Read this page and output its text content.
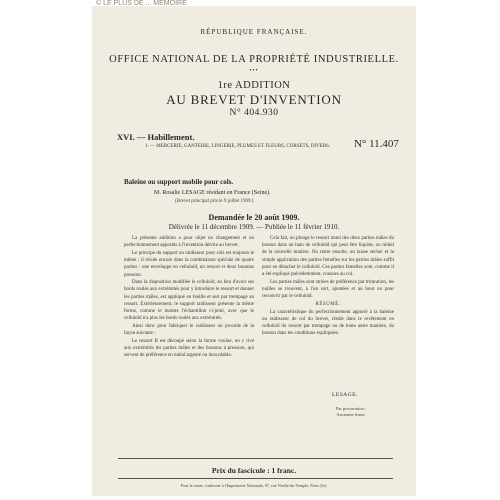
© LE PLUS DE ... MÉMOIRE
RÉPUBLIQUE FRANÇAISE.
OFFICE NATIONAL DE LA PROPRIÉTÉ INDUSTRIELLE.
•••
1re ADDITION
AU BREVET D'INVENTION
N° 404.930
XVI. — Habillement.
1. — MERCERIE, GANTERIE, LINGERIE, PLUMES ET FLEURS, CORSETS, DIVERS.	N° 11.407
Baleine ou support mobile pour cols.
M. Rosalie LESAGE résidant en France (Seine).
(Brevet principal pris le 9 juillet 1909.)
Demandée le 20 août 1909.
Délivrée le 11 décembre 1909. — Publiée le 11 février 1910.

La présente addition a pour objet un changement et un perfectionnement apportés à l'invention décrite au brevet.

Le principe du support ou raidisseur pour cols est toujours le même ; il réside encore dans la combinaison spéciale de quatre parties : une enveloppe en celluloïd, un ressort et deux boutons pression.

Dans la disposition modifiée le celluloïd, au lieu d'avoir ses bords roulés aux extrémités pour y introduire le ressort et donner les parties mâles, est appliqué en feuille et sert par trempage au ressort. Extérieurement, le support raidisseur présente la même forme, comme le montre l'échantillon ci-joint, avec que le celluloïd n'a plus les bords roulés aux extrémités.

Ainsi donc pour fabriquer le raidisseur on procède de la façon suivante :

Le ressort B est découpé selon la forme voulue, on y rive aux extrémités les parties mâles et des boutons à pression, qui servent de préférence en métal argenté ou inoxydable.

Cela fait, on plonge le ressort muni des deux parties mâles du bouton dans un bain de celluloïd qui peut être liquide, ou réduit de la nouvelle matière. On retire ensuite, on laisse sécher et la simple application des parties femelles sur les parties mâles suffit pour en détacher le celluloïd. Ces parties femelles sont, comme il a été expliqué précédemment, cousues au col.

Les parties mâles sont striées de préférence par trituration, les nuilles se trouvent, à l'un sort, ajoutées et au bout ou pour recouvrir par le celluloïd.

RÉSUMÉ.

La caractéristique du perfectionnement apporté à la baleine ou raidisseur de col du brevet, réside dans le revêtement en celluloïd du ressort par trempage ou de toute autre manière, du bouton dans les conditions expliquées.

LESAGE.
Par procuration : Ancienne firme.
Prix du fascicule : 1 franc.
Pour la vente, s'adresser à l'Imprimerie Nationale, 87, rue Vieille-du-Temple, Paris (3e).
